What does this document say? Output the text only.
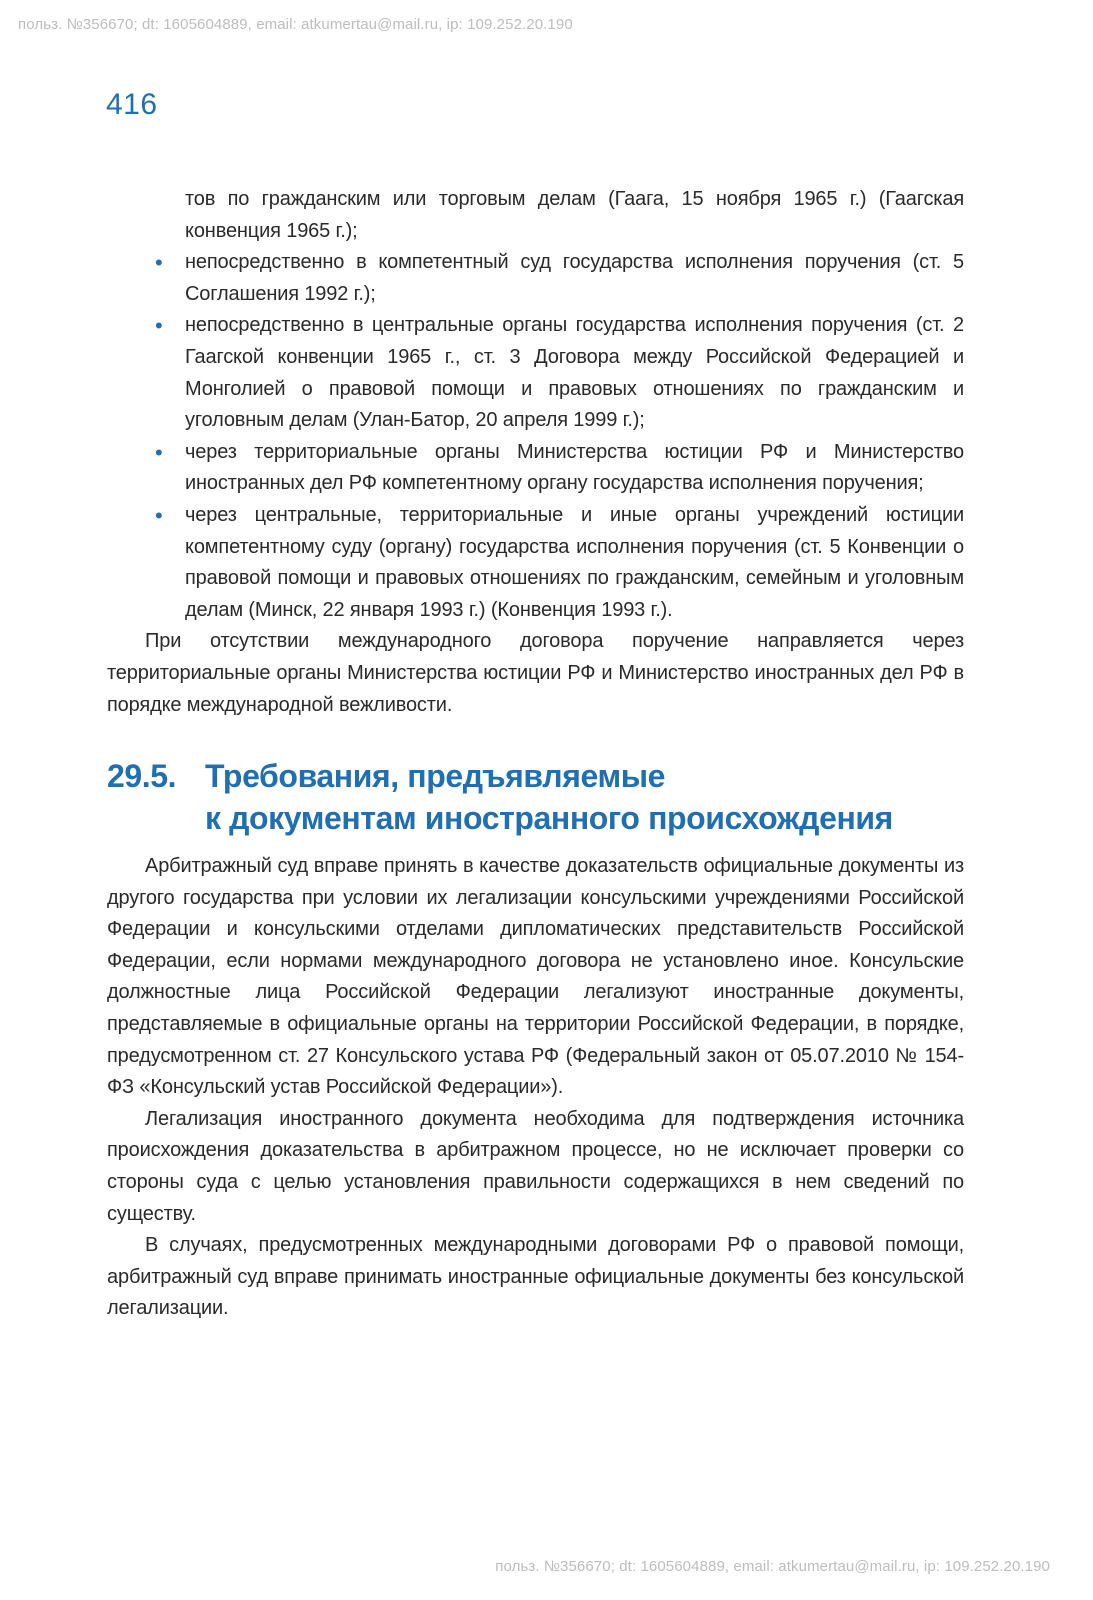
польз. №356670; dt: 1605604889, email: atkumertau@mail.ru, ip: 109.252.20.190
416

тов по гражданским или торговым делам (Гаага, 15 ноября 1965 г.) (Гаагская конвенция 1965 г.);

• непосредственно в компетентный суд государства исполнения поручения (ст. 5 Соглашения 1992 г.);
• непосредственно в центральные органы государства исполнения поручения (ст. 2 Гаагской конвенции 1965 г., ст. 3 Договора между Российской Федерацией и Монголией о правовой помощи и правовых отношениях по гражданским и уголовным делам (Улан-Батор, 20 апреля 1999 г.);
• через территориальные органы Министерства юстиции РФ и Министерство иностранных дел РФ компетентному органу государства исполнения поручения;
• через центральные, территориальные и иные органы учреждений юстиции компетентному суду (органу) государства исполнения поручения (ст. 5 Конвенции о правовой помощи и правовых отношениях по гражданским, семейным и уголовным делам (Минск, 22 января 1993 г.) (Конвенция 1993 г.).

При отсутствии международного договора поручение направляется через территориальные органы Министерства юстиции РФ и Министерство иностранных дел РФ в порядке международной вежливости.

29.5. Требования, предъявляемые
к документам иностранного происхождения

Арбитражный суд вправе принять в качестве доказательств официальные документы из другого государства при условии их легализации консульскими учреждениями Российской Федерации и консульскими отделами дипломатических представительств Российской Федерации, если нормами международного договора не установлено иное. Консульские должностные лица Российской Федерации легализуют иностранные документы, представляемые в официальные органы на территории Российской Федерации, в порядке, предусмотренном ст. 27 Консульского устава РФ (Федеральный закон от 05.07.2010 № 154-ФЗ «Консульский устав Российской Федерации»).

Легализация иностранного документа необходима для подтверждения источника происхождения доказательства в арбитражном процессе, но не исключает проверки со стороны суда с целью установления правильности содержащихся в нем сведений по существу.

В случаях, предусмотренных международными договорами РФ о правовой помощи, арбитражный суд вправе принимать иностранные официальные документы без консульской легализации.

польз. №356670; dt: 1605604889, email: atkumertau@mail.ru, ip: 109.252.20.190
